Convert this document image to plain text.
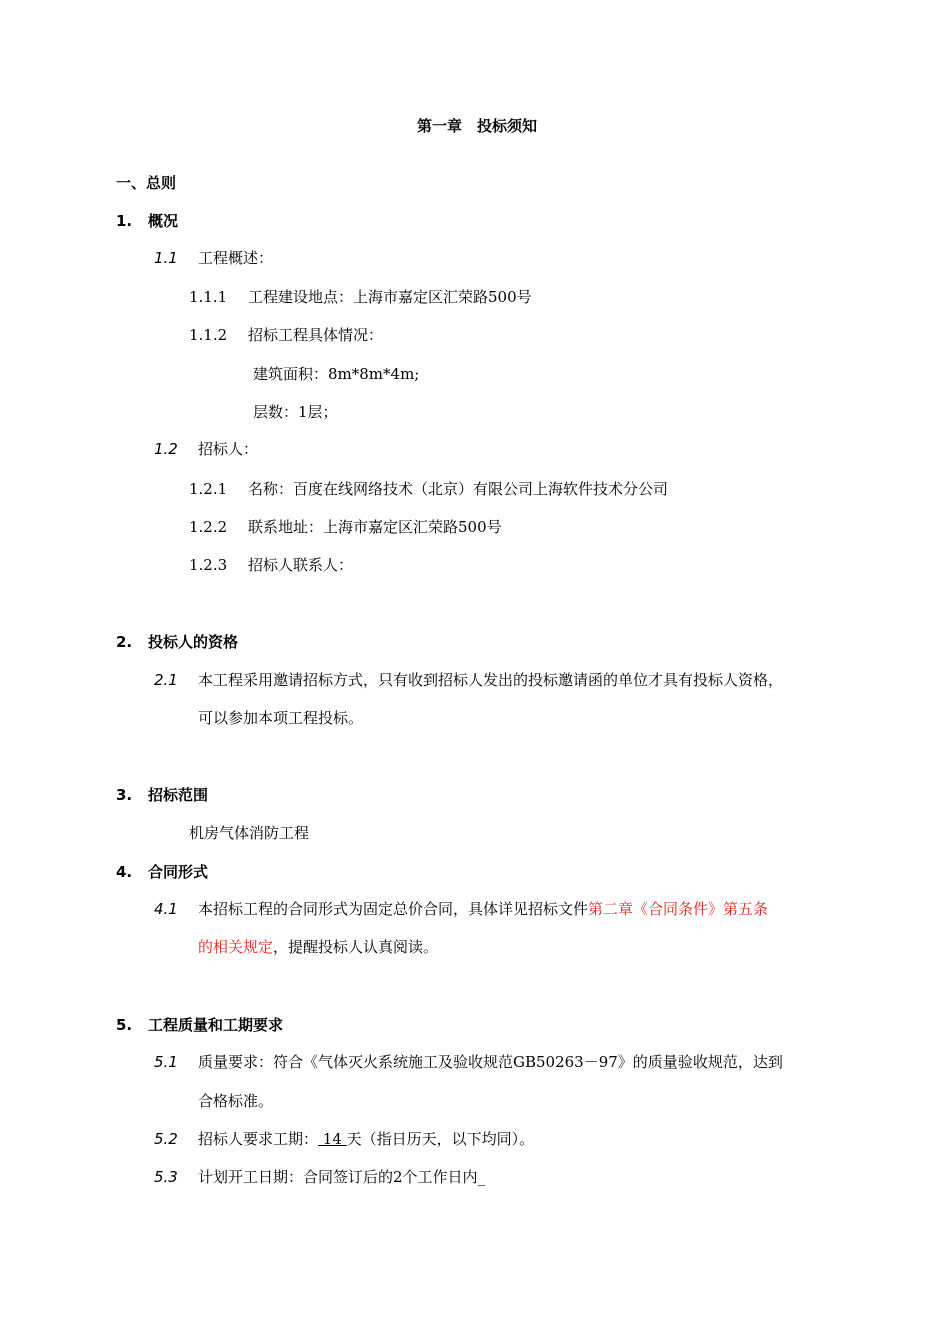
第一章　投标须知
一、总则
1. 概况
1.1 工程概述：
1.1.1 工程建设地点：上海市嘉定区汇荣路500号
1.1.2 招标工程具体情况：
建筑面积：8m*8m*4m;
层数：1层；
1.2 招标人：
1.2.1 名称：百度在线网络技术（北京）有限公司上海软件技术分公司
1.2.2 联系地址：上海市嘉定区汇荣路500号
1.2.3 招标人联系人：
2. 投标人的资格
2.1 本工程采用邀请招标方式，只有收到招标人发出的投标邀请函的单位才具有投标人资格，
可以参加本项工程投标。
3. 招标范围
机房气体消防工程
4. 合同形式
4.1 本招标工程的合同形式为固定总价合同，具体详见招标文件第二章《合同条件》第五条
的相关规定，提醒投标人认真阅读。
5. 工程质量和工期要求
5.1 质量要求：符合《气体灭火系统施工及验收规范GB50263－97》的质量验收规范，达到
合格标准。
5.2 招标人要求工期： 14 天（指日历天，以下均同）。
5.3 计划开工日期：合同签订后的2个工作日内_
